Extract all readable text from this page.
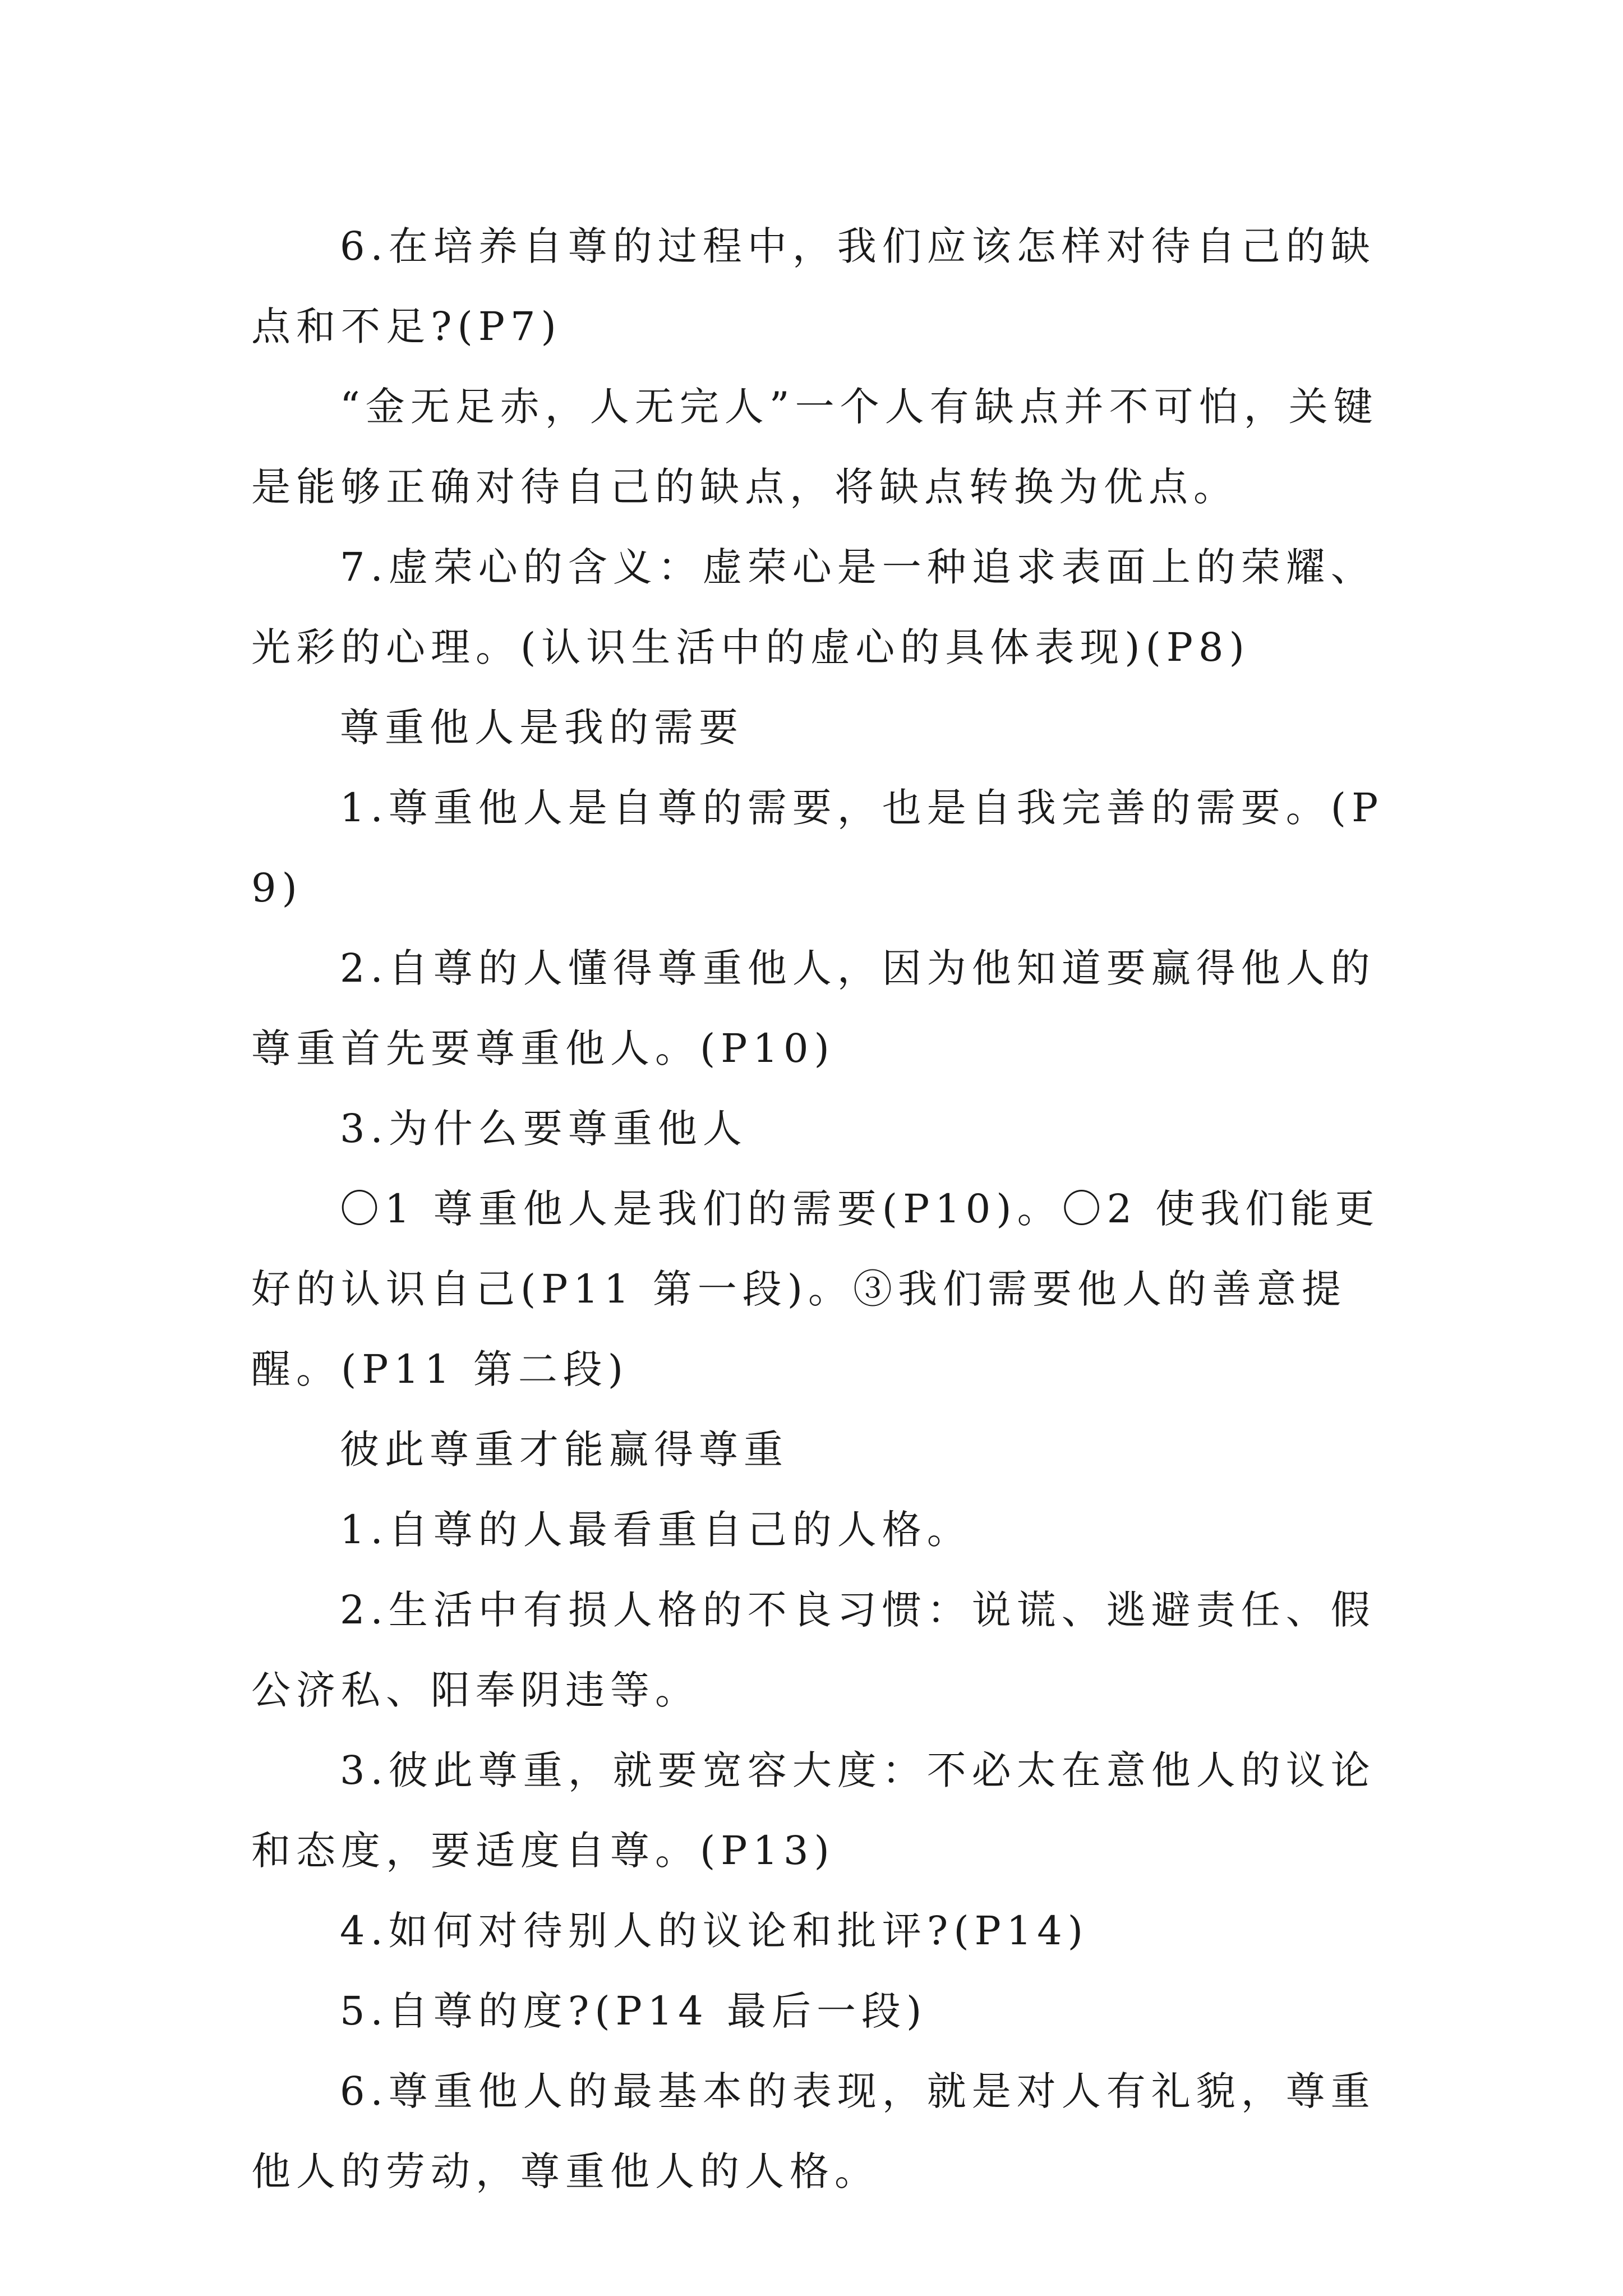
6.在培养自尊的过程中，我们应该怎样对待自己的缺点和不足?(P7)

“金无足赤，人无完人”一个人有缺点并不可怕，关键是能够正确对待自己的缺点，将缺点转换为优点。

7.虚荣心的含义：虚荣心是一种追求表面上的荣耀、光彩的心理。(认识生活中的虚心的具体表现)(P8)

尊重他人是我的需要

1.尊重他人是自尊的需要，也是自我完善的需要。(P9)

2.自尊的人懂得尊重他人，因为他知道要赢得他人的尊重首先要尊重他人。(P10)

3.为什么要尊重他人

〇1 尊重他人是我们的需要(P10)。〇2 使我们能更好的认识自己(P11 第一段)。③我们需要他人的善意提醒。(P11 第二段)

彼此尊重才能赢得尊重

1.自尊的人最看重自己的人格。

2.生活中有损人格的不良习惯：说谎、逃避责任、假公济私、阳奉阴违等。

3.彼此尊重，就要宽容大度：不必太在意他人的议论和态度，要适度自尊。(P13)

4.如何对待别人的议论和批评?(P14)

5.自尊的度?(P14 最后一段)

6.尊重他人的最基本的表现，就是对人有礼貌，尊重他人的劳动，尊重他人的人格。
